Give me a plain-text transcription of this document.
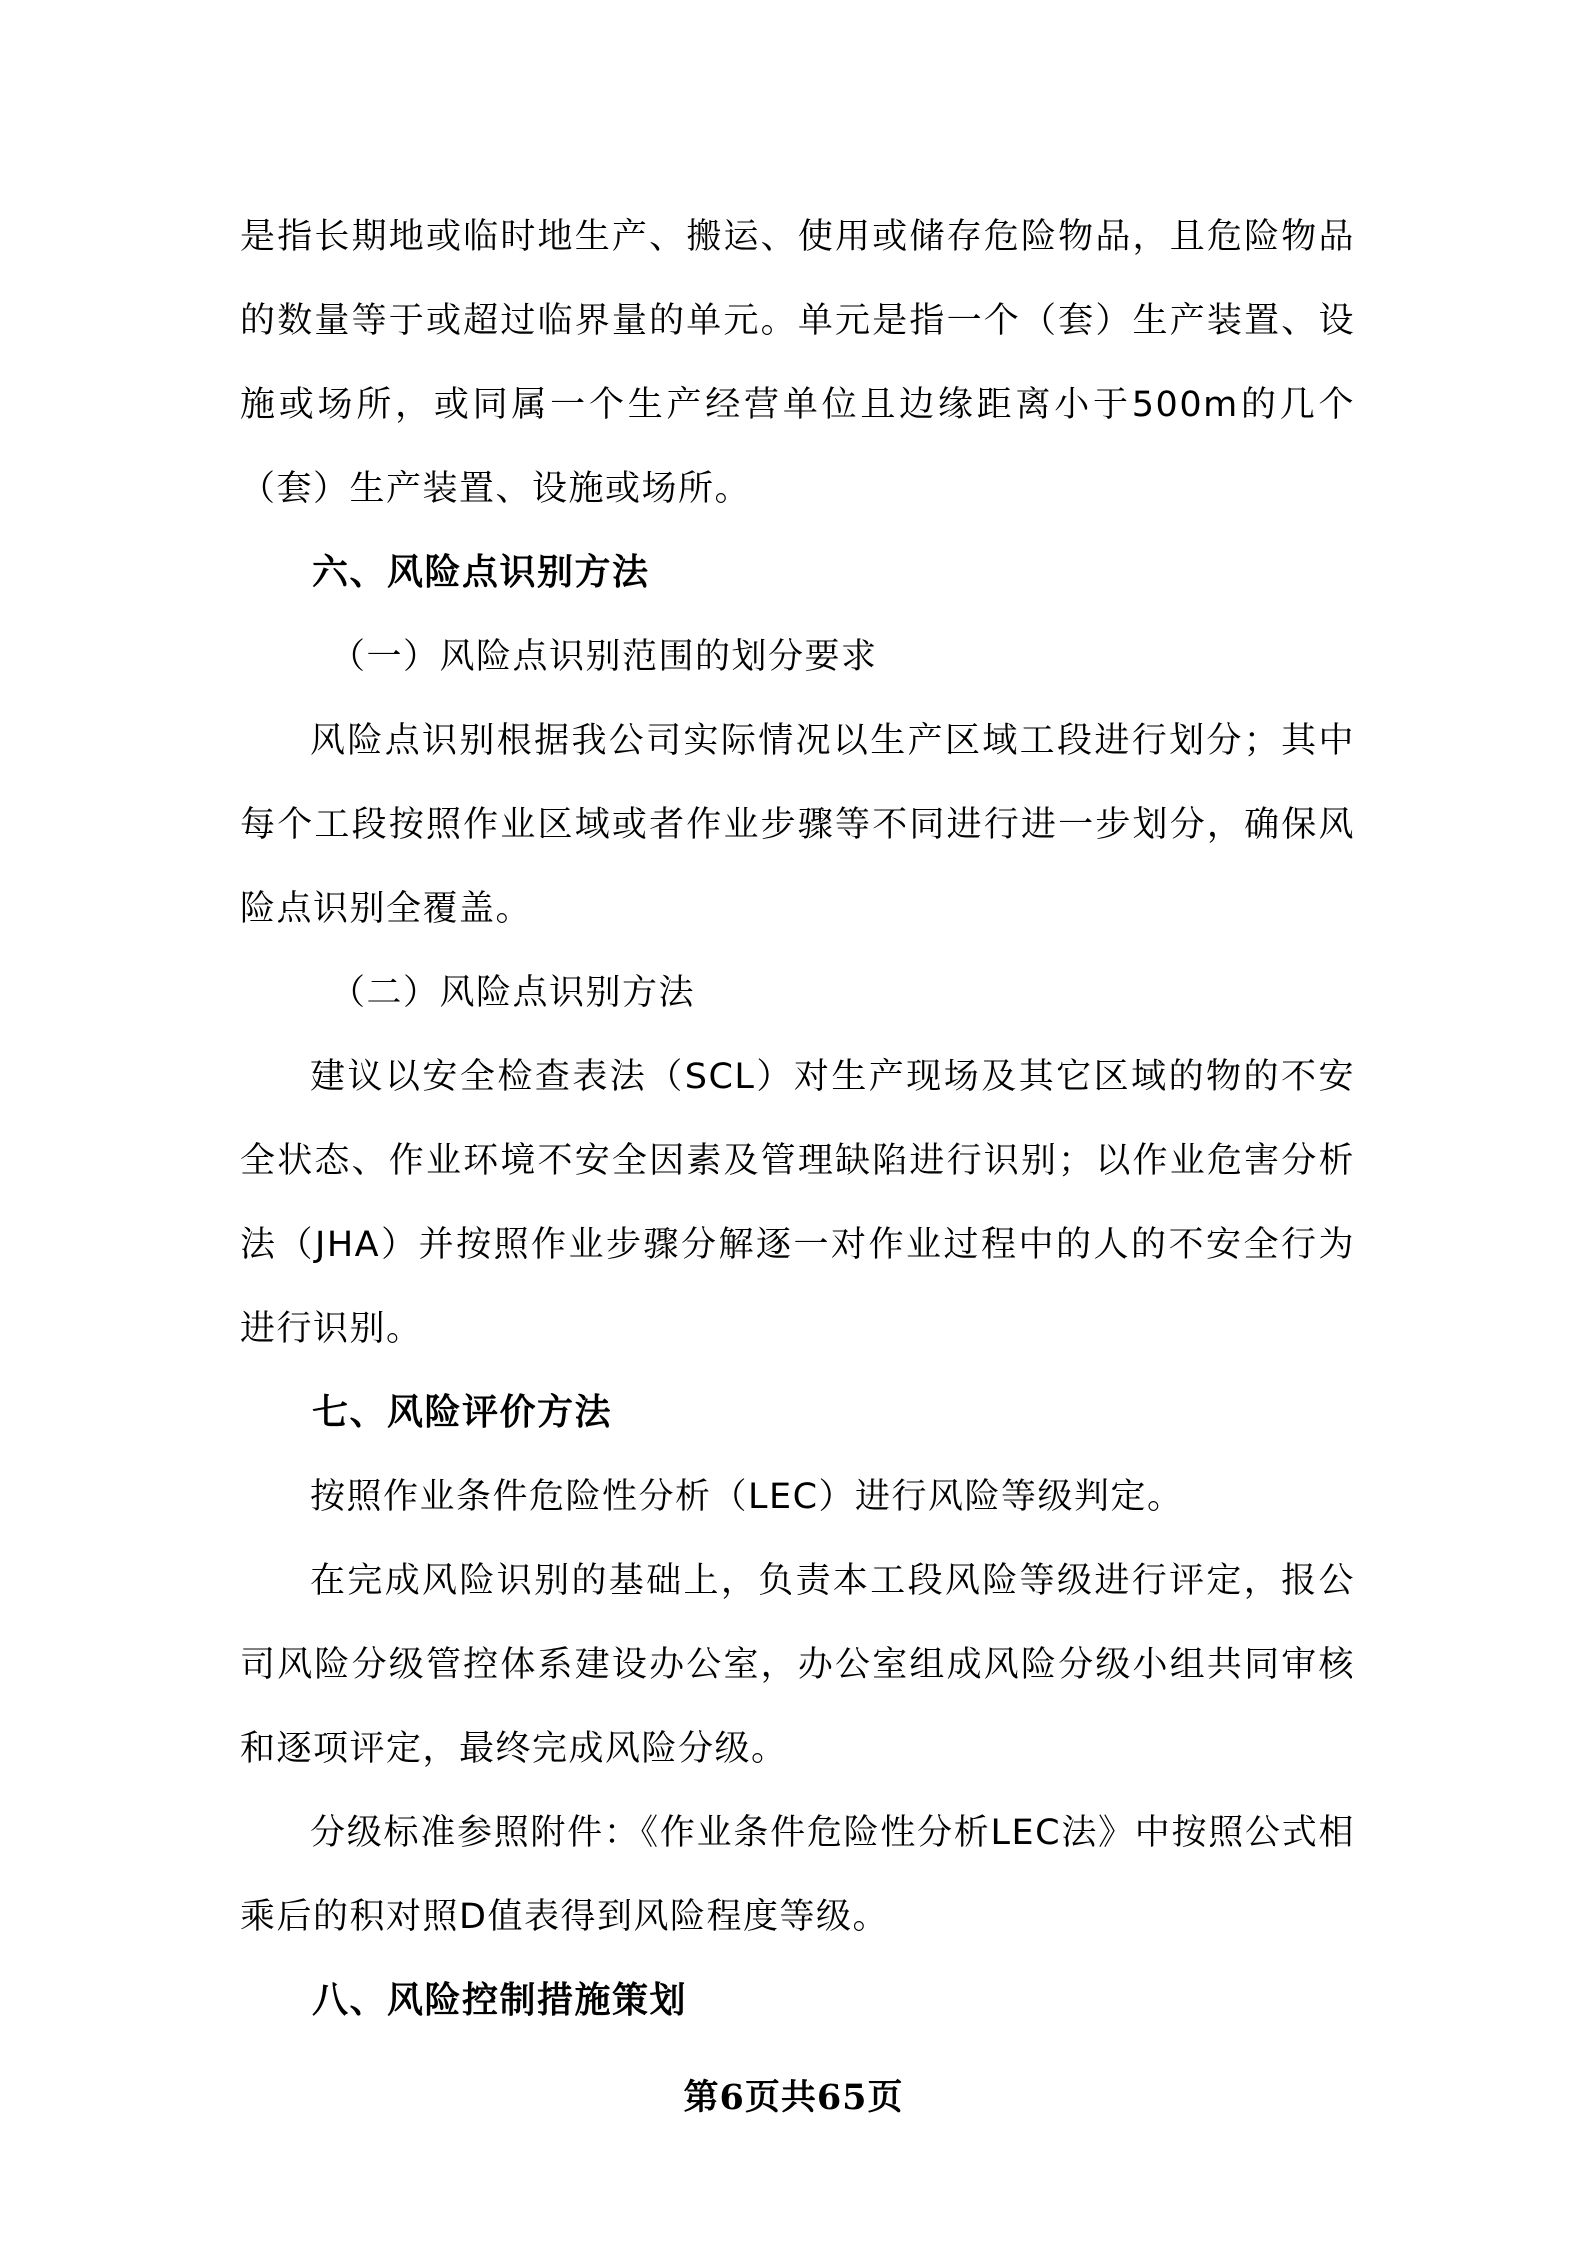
是指长期地或临时地生产、搬运、使用或储存危险物品，且危险物品的数量等于或超过临界量的单元。单元是指一个（套）生产装置、设施或场所，或同属一个生产经营单位且边缘距离小于500m的几个（套）生产装置、设施或场所。

六、风险点识别方法

（一）风险点识别范围的划分要求

风险点识别根据我公司实际情况以生产区域工段进行划分；其中每个工段按照作业区域或者作业步骤等不同进行进一步划分，确保风险点识别全覆盖。

（二）风险点识别方法

建议以安全检查表法（SCL）对生产现场及其它区域的物的不安全状态、作业环境不安全因素及管理缺陷进行识别；以作业危害分析法（JHA）并按照作业步骤分解逐一对作业过程中的人的不安全行为进行识别。

七、风险评价方法

按照作业条件危险性分析（LEC）进行风险等级判定。

在完成风险识别的基础上，负责本工段风险等级进行评定，报公司风险分级管控体系建设办公室，办公室组成风险分级小组共同审核和逐项评定，最终完成风险分级。

分级标准参照附件：《作业条件危险性分析LEC法》中按照公式相乘后的积对照D值表得到风险程度等级。

八、风险控制措施策划

第6页共65页
